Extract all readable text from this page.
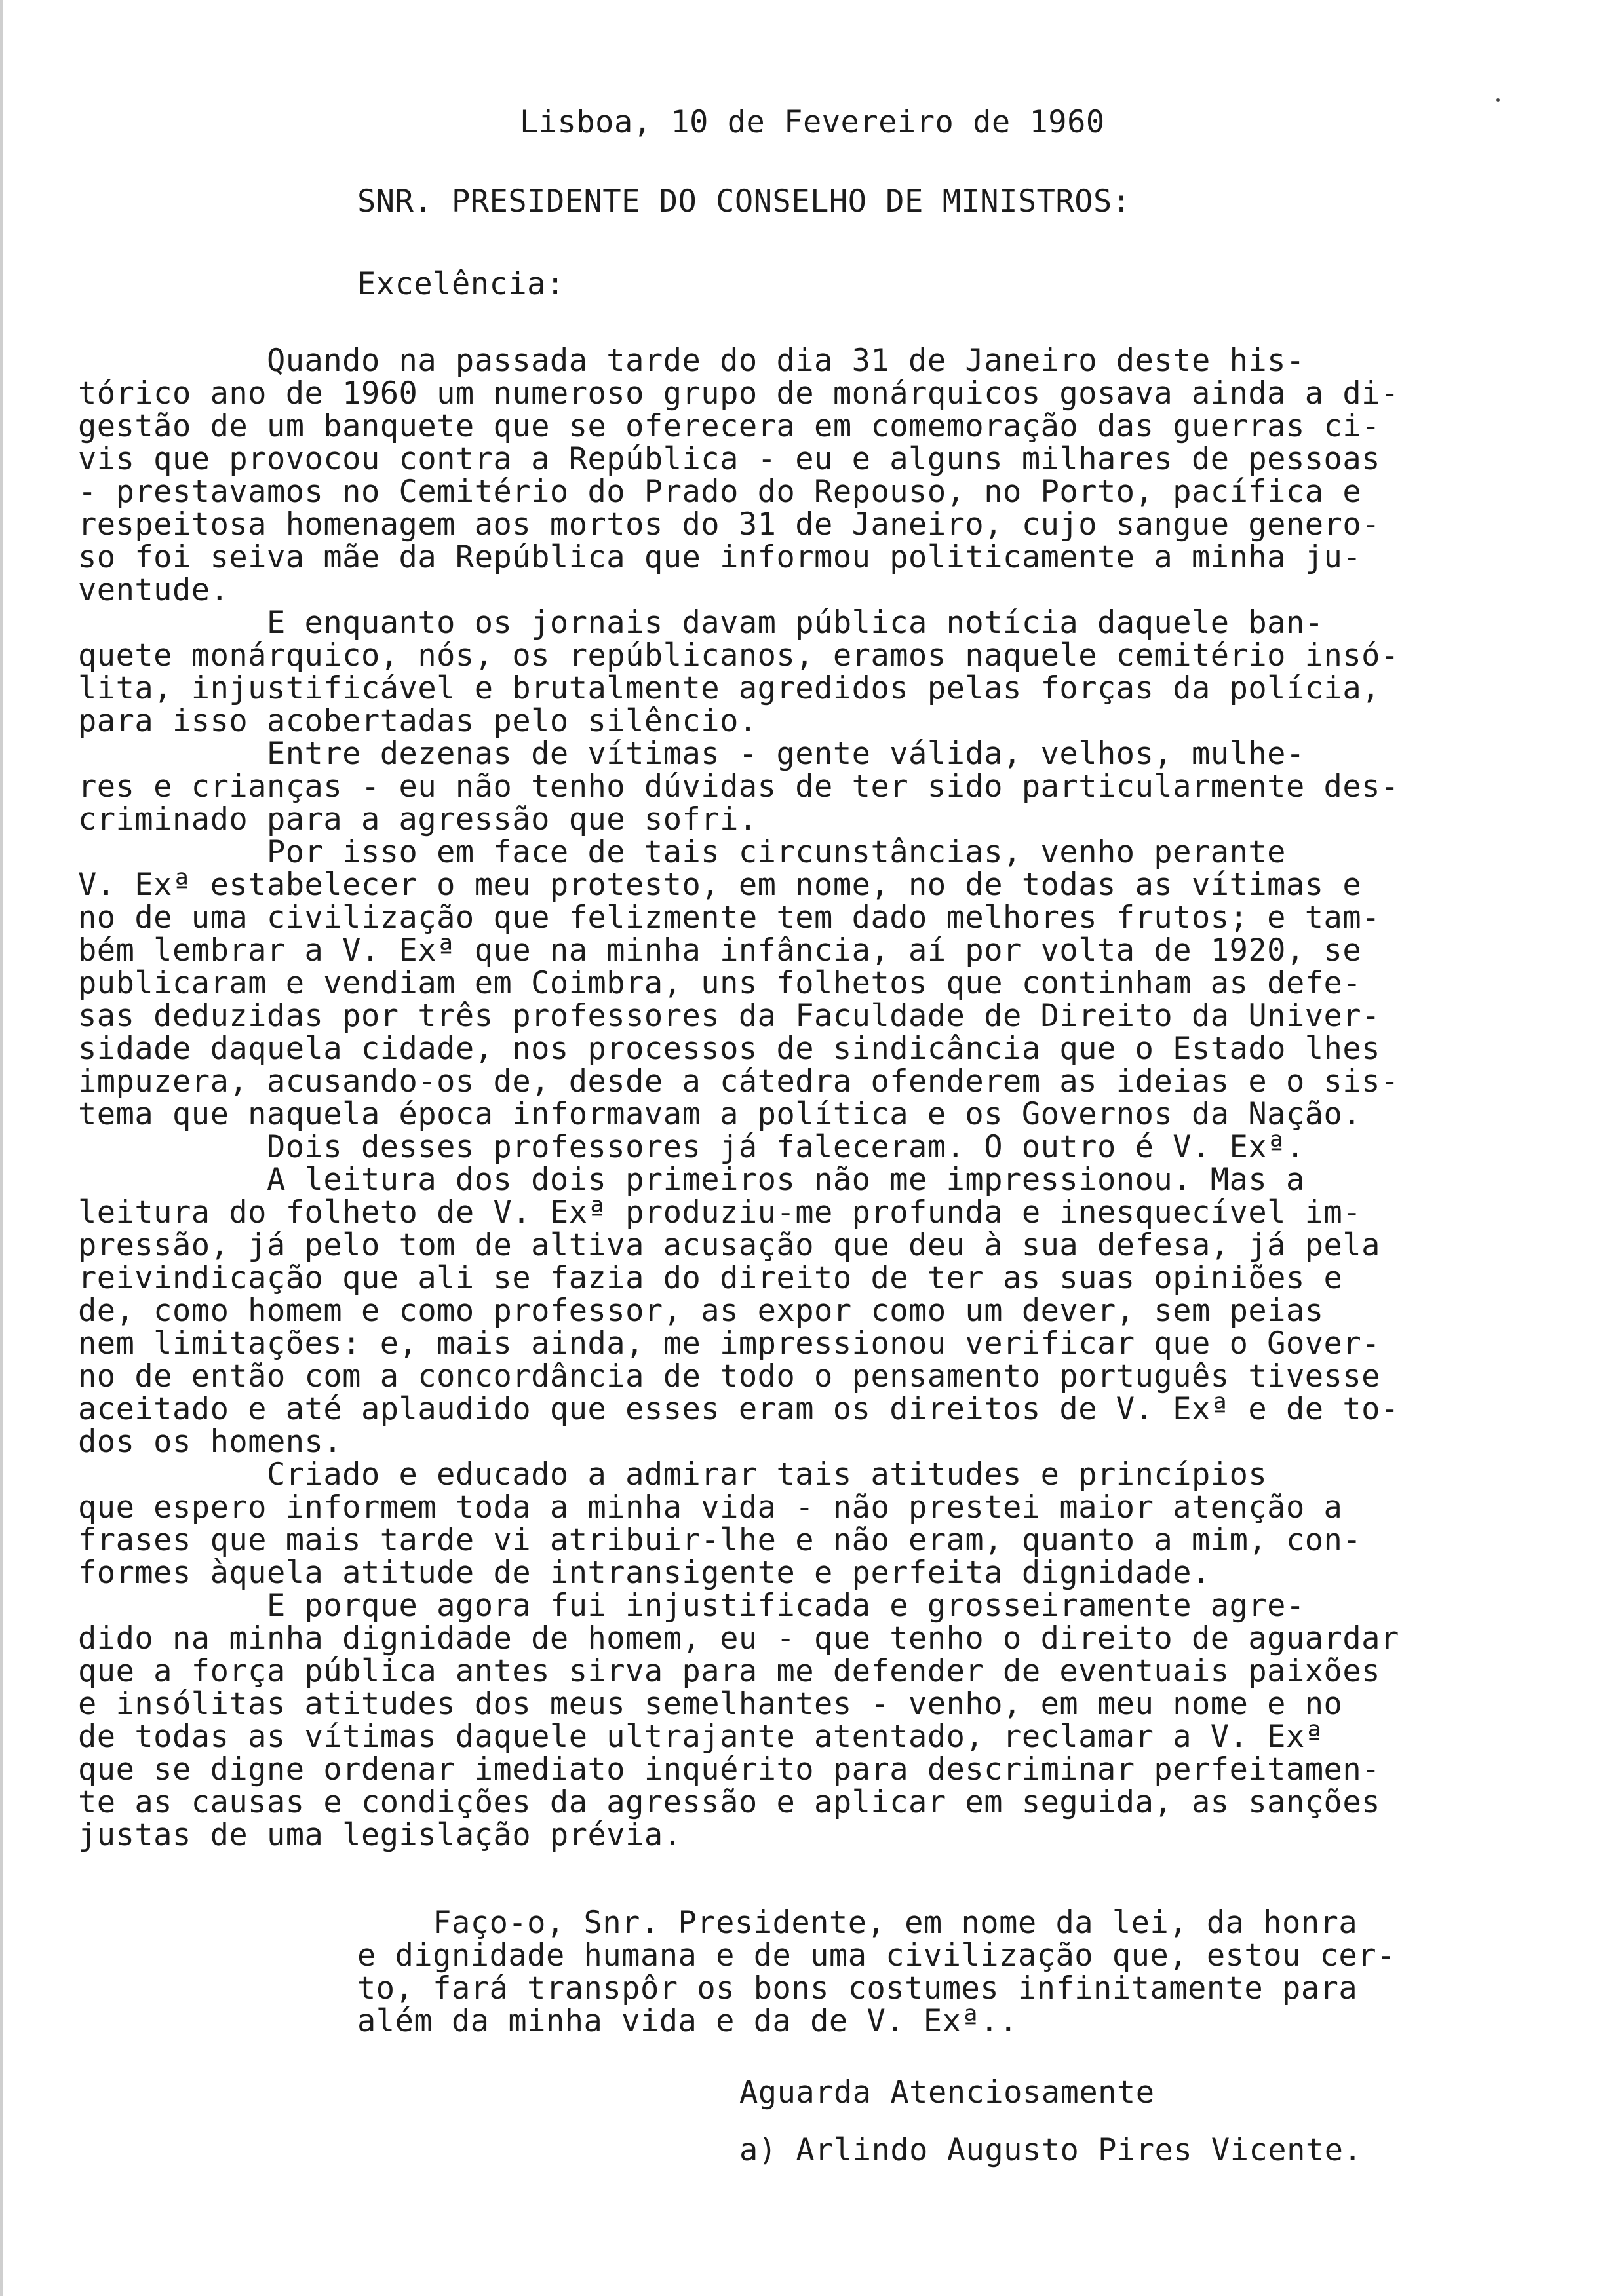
Lisboa, 10 de Fevereiro de 1960
SNR. PRESIDENTE DO CONSELHO DE MINISTROS:
Excelência:
Quando na passada tarde do dia 31 de Janeiro deste his-
tórico ano de 1960 um numeroso grupo de monárquicos gosava ainda a di-
gestão de um banquete que se oferecera em comemoração das guerras ci-
vis que provocou contra a República - eu e alguns milhares de pessoas
- prestavamos no Cemitério do Prado do Repouso, no Porto, pacífica e
respeitosa homenagem aos mortos do 31 de Janeiro, cujo sangue genero-
so foi seiva mãe da República que informou politicamente a minha ju-
ventude.
E enquanto os jornais davam pública notícia daquele ban-
quete monárquico, nós, os repúblicanos, eramos naquele cemitério insó-
lita, injustificável e brutalmente agredidos pelas forças da polícia,
para isso acobertadas pelo silêncio.
Entre dezenas de vítimas - gente válida, velhos, mulhe-
res e crianças - eu não tenho dúvidas de ter sido particularmente des-
criminado para a agressão que sofri.
Por isso em face de tais circunstâncias, venho perante
V. Exª estabelecer o meu protesto, em nome, no de todas as vítimas e
no de uma civilização que felizmente tem dado melhores frutos; e tam-
bém lembrar a V. Exª que na minha infância, aí por volta de 1920, se
publicaram e vendiam em Coimbra, uns folhetos que continham as defe-
sas deduzidas por três professores da Faculdade de Direito da Univer-
sidade daquela cidade, nos processos de sindicância que o Estado lhes
impuzera, acusando-os de, desde a cátedra ofenderem as ideias e o sis-
tema que naquela época informavam a política e os Governos da Nação.
Dois desses professores já faleceram. O outro é V. Exª.
A leitura dos dois primeiros não me impressionou. Mas a
leitura do folheto de V. Exª produziu-me profunda e inesquecível im-
pressão, já pelo tom de altiva acusação que deu à sua defesa, já pela
reivindicação que ali se fazia do direito de ter as suas opiniões e
de, como homem e como professor, as expor como um dever, sem peias
nem limitações: e, mais ainda, me impressionou verificar que o Gover-
no de então com a concordância de todo o pensamento português tivesse
aceitado e até aplaudido que esses eram os direitos de V. Exª e de to-
dos os homens.
Criado e educado a admirar tais atitudes e princípios
que espero informem toda a minha vida - não prestei maior atenção a
frases que mais tarde vi atribuir-lhe e não eram, quanto a mim, con-
formes àquela atitude de intransigente e perfeita dignidade.
E porque agora fui injustificada e grosseiramente agre-
dido na minha dignidade de homem, eu - que tenho o direito de aguardar
que a força pública antes sirva para me defender de eventuais paixões
e insólitas atitudes dos meus semelhantes - venho, em meu nome e no
de todas as vítimas daquele ultrajante atentado, reclamar a V. Exª
que se digne ordenar imediato inquérito para descriminar perfeitamen-
te as causas e condições da agressão e aplicar em seguida, as sanções
justas de uma legislação prévia.
Faço-o, Snr. Presidente, em nome da lei, da honra
e dignidade humana e de uma civilização que, estou cer-
to, fará transpôr os bons costumes infinitamente para
além da minha vida e da de V. Exª..
Aguarda Atenciosamente
a) Arlindo Augusto Pires Vicente.
